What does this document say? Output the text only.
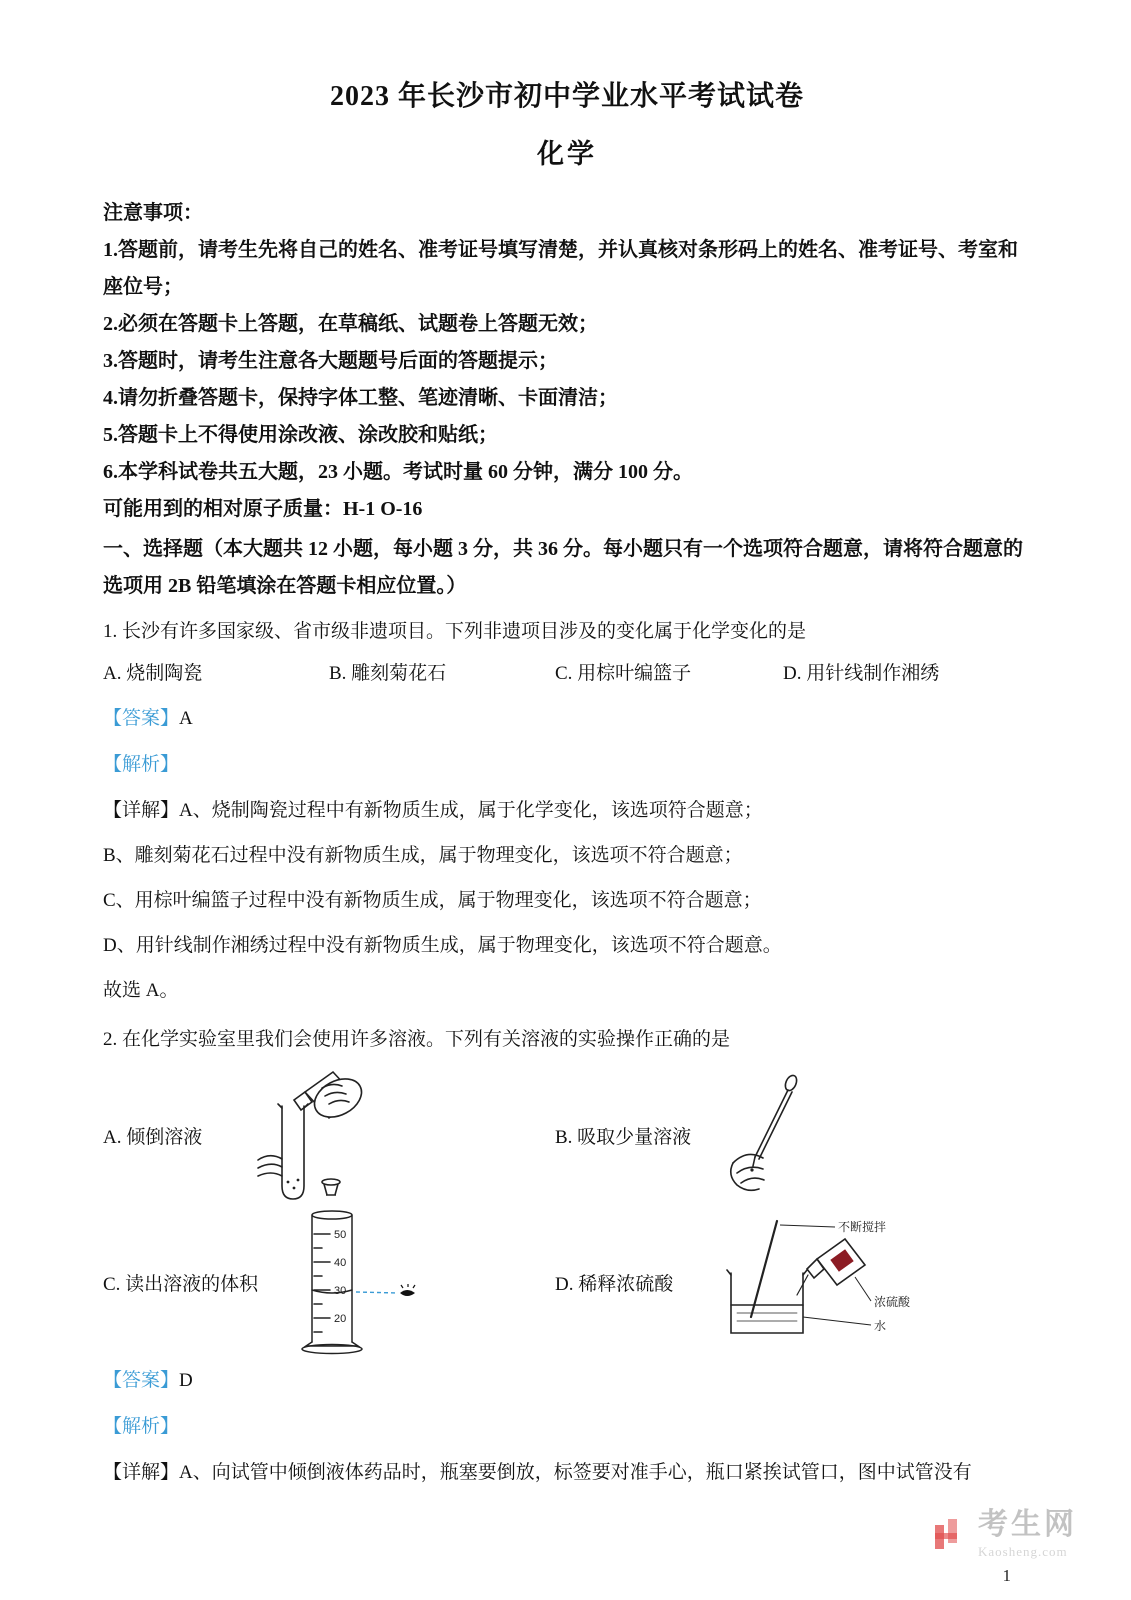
2023 年长沙市初中学业水平考试试卷
化学

注意事项：

1.答题前，请考生先将自己的姓名、准考证号填写清楚，并认真核对条形码上的姓名、准考证号、考室和座位号；

2.必须在答题卡上答题，在草稿纸、试题卷上答题无效；

3.答题时，请考生注意各大题题号后面的答题提示；

4.请勿折叠答题卡，保持字体工整、笔迹清晰、卡面清洁；

5.答题卡上不得使用涂改液、涂改胶和贴纸；

6.本学科试卷共五大题，23 小题。考试时量 60 分钟，满分 100 分。

可能用到的相对原子质量：H-1 O-16

一、选择题（本大题共 12 小题，每小题 3 分，共 36 分。每小题只有一个选项符合题意，请将符合题意的选项用 2B 铅笔填涂在答题卡相应位置。）

1. 长沙有许多国家级、省市级非遗项目。下列非遗项目涉及的变化属于化学变化的是

A. 烧制陶瓷	B. 雕刻菊花石	C. 用棕叶编篮子	D. 用针线制作湘绣

【答案】A

【解析】

【详解】A、烧制陶瓷过程中有新物质生成，属于化学变化，该选项符合题意；

B、雕刻菊花石过程中没有新物质生成，属于物理变化，该选项不符合题意；

C、用棕叶编篮子过程中没有新物质生成，属于物理变化，该选项不符合题意；

D、用针线制作湘绣过程中没有新物质生成，属于物理变化，该选项不符合题意。

故选 A。

2. 在化学实验室里我们会使用许多溶液。下列有关溶液的实验操作正确的是

A. 倾倒溶液	B. 吸取少量溶液
C. 读出溶液的体积
50
40
30
20
D. 稀释浓硫酸
不断搅拌
浓硫酸
水

【答案】D

【解析】

【详解】A、向试管中倾倒液体药品时，瓶塞要倒放，标签要对准手心，瓶口紧挨试管口，图中试管没有

考生网
Kaosheng.com
1
